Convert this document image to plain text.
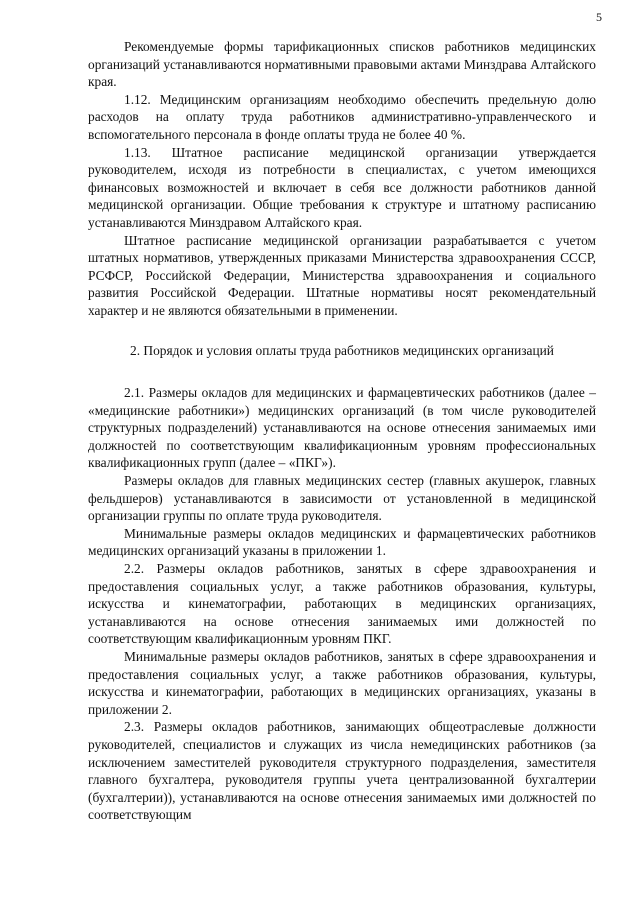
5

Рекомендуемые формы тарификационных списков работников медицинских организаций устанавливаются нормативными правовыми актами Минздрава Алтайского края.

1.12. Медицинским организациям необходимо обеспечить предельную долю расходов на оплату труда работников административно-управленческого и вспомогательного персонала в фонде оплаты труда не более 40 %.

1.13. Штатное расписание медицинской организации утверждается руководителем, исходя из потребности в специалистах, с учетом имеющихся финансовых возможностей и включает в себя все должности работников данной медицинской организации. Общие требования к структуре и штатному расписанию устанавливаются Минздравом Алтайского края.

Штатное расписание медицинской организации разрабатывается с учетом штатных нормативов, утвержденных приказами Министерства здравоохранения СССР, РСФСР, Российской Федерации, Министерства здравоохранения и социального развития Российской Федерации. Штатные нормативы носят рекомендательный характер и не являются обязательными в применении.

2. Порядок и условия оплаты труда работников медицинских организаций

2.1. Размеры окладов для медицинских и фармацевтических работников (далее – «медицинские работники») медицинских организаций (в том числе руководителей структурных подразделений) устанавливаются на основе отнесения занимаемых ими должностей по соответствующим квалификационным уровням профессиональных квалификационных групп (далее – «ПКГ»).

Размеры окладов для главных медицинских сестер (главных акушерок, главных фельдшеров) устанавливаются в зависимости от установленной в медицинской организации группы по оплате труда руководителя.

Минимальные размеры окладов медицинских и фармацевтических работников медицинских организаций указаны в приложении 1.

2.2. Размеры окладов работников, занятых в сфере здравоохранения и предоставления социальных услуг, а также работников образования, культуры, искусства и кинематографии, работающих в медицинских организациях, устанавливаются на основе отнесения занимаемых ими должностей по соответствующим квалификационным уровням ПКГ.

Минимальные размеры окладов работников, занятых в сфере здравоохранения и предоставления социальных услуг, а также работников образования, культуры, искусства и кинематографии, работающих в медицинских организациях, указаны в приложении 2.

2.3. Размеры окладов работников, занимающих общеотраслевые должности руководителей, специалистов и служащих из числа немедицинских работников (за исключением заместителей руководителя структурного подразделения, заместителя главного бухгалтера, руководителя группы учета централизованной бухгалтерии (бухгалтерии)), устанавливаются на основе отнесения занимаемых ими должностей по соответствующим
